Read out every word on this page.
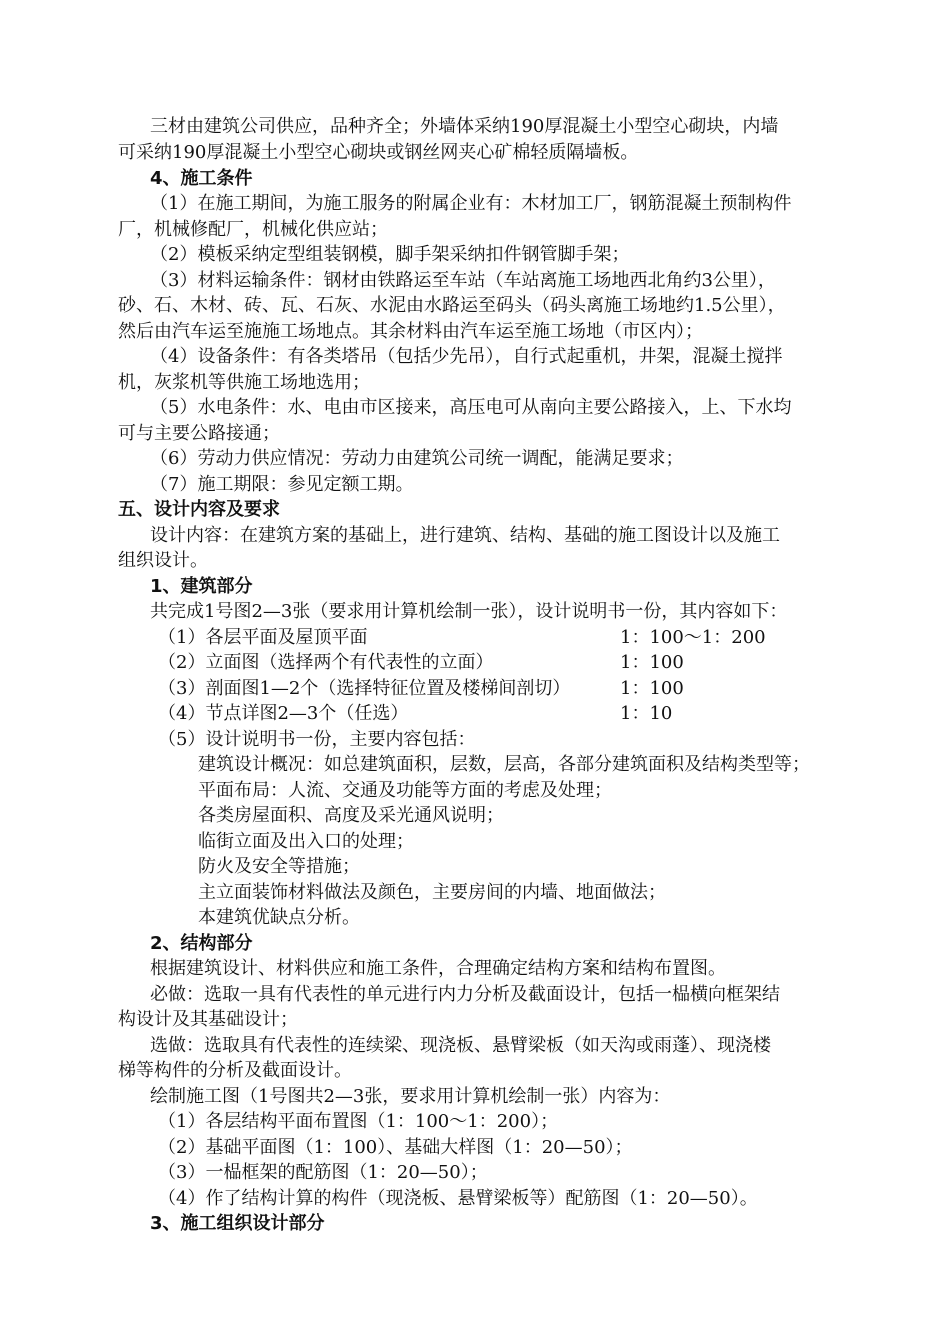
三材由建筑公司供应，品种齐全；外墙体采纳190厚混凝土小型空心砌块，内墙
可采纳190厚混凝土小型空心砌块或钢丝网夹心矿棉轻质隔墙板。
4、施工条件
（1）在施工期间，为施工服务的附属企业有：木材加工厂，钢筋混凝土预制构件
厂，机械修配厂，机械化供应站；
（2）模板采纳定型组装钢模，脚手架采纳扣件钢管脚手架；
（3）材料运输条件：钢材由铁路运至车站（车站离施工场地西北角约3公里），
砂、石、木材、砖、瓦、石灰、水泥由水路运至码头（码头离施工场地约1.5公里），
然后由汽车运至施施工场地点。其余材料由汽车运至施工场地（市区内）；
（4）设备条件：有各类塔吊（包括少先吊），自行式起重机，井架，混凝土搅拌
机，灰浆机等供施工场地选用；
（5）水电条件：水、电由市区接来，高压电可从南向主要公路接入，上、下水均
可与主要公路接通；
（6）劳动力供应情况：劳动力由建筑公司统一调配，能满足要求；
（7）施工期限：参见定额工期。
五、设计内容及要求
设计内容：在建筑方案的基础上，进行建筑、结构、基础的施工图设计以及施工
组织设计。
1、建筑部分
共完成1号图2—3张（要求用计算机绘制一张），设计说明书一份，其内容如下：
（1）各层平面及屋顶平面	1：100～1：200
（2）立面图（选择两个有代表性的立面）	1：100
（3）剖面图1—2个（选择特征位置及楼梯间剖切）	1：100
（4）节点详图2—3个（任选）	1：10
（5）设计说明书一份，主要内容包括：
建筑设计概况：如总建筑面积，层数，层高，各部分建筑面积及结构类型等；
平面布局：人流、交通及功能等方面的考虑及处理；
各类房屋面积、高度及采光通风说明；
临街立面及出入口的处理；
防火及安全等措施；
主立面装饰材料做法及颜色，主要房间的内墙、地面做法；
本建筑优缺点分析。
2、结构部分
根据建筑设计、材料供应和施工条件，合理确定结构方案和结构布置图。
必做：选取一具有代表性的单元进行内力分析及截面设计，包括一榀横向框架结
构设计及其基础设计；
选做：选取具有代表性的连续梁、现浇板、悬臂梁板（如天沟或雨蓬）、现浇楼
梯等构件的分析及截面设计。
绘制施工图（1号图共2—3张，要求用计算机绘制一张）内容为：
（1）各层结构平面布置图（1：100～1：200）；
（2）基础平面图（1：100）、基础大样图（1：20—50）；
（3）一榀框架的配筋图（1：20—50）；
（4）作了结构计算的构件（现浇板、悬臂梁板等）配筋图（1：20—50）。
3、施工组织设计部分
